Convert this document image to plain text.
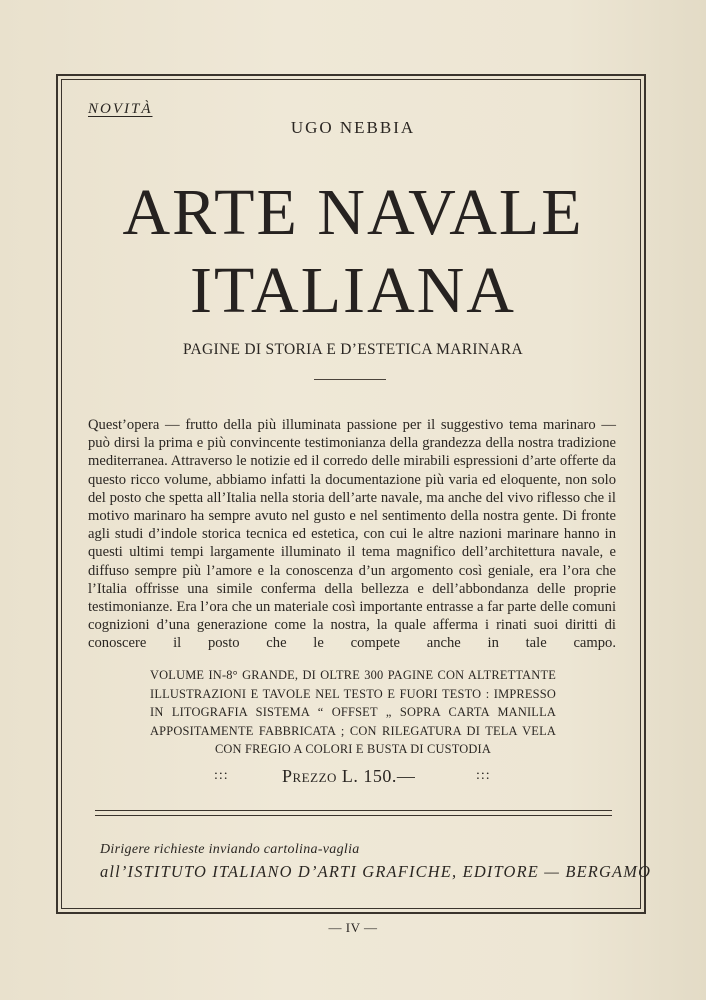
NOVITÀ
UGO NEBBIA
ARTE NAVALE
ITALIANA
PAGINE DI STORIA E D’ESTETICA MARINARA

Quest’opera — frutto della più illuminata passione per il suggestivo tema marinaro — può dirsi la prima e più convincente testimonianza della grandezza della nostra tradizione mediterranea. Attraverso le notizie ed il corredo delle mirabili espressioni d’arte offerte da questo ricco volume, abbiamo infatti la documentazione più varia ed eloquente, non solo del posto che spetta all’Italia nella storia dell’arte navale, ma anche del vivo riflesso che il motivo marinaro ha sempre avuto nel gusto e nel sentimento della nostra gente. Di fronte agli studi d’indole storica tecnica ed estetica, con cui le altre nazioni marinare hanno in questi ultimi tempi largamente illuminato il tema magnifico dell’architettura navale, e diffuso sempre più l’amore e la conoscenza d’un argomento così geniale, era l’ora che l’Italia offrisse una simile conferma della bellezza e dell’abbondanza delle proprie testimonianze. Era l’ora che un materiale così importante entrasse a far parte delle comuni cognizioni d’una generazione come la nostra, la quale afferma i rinati suoi diritti di conoscere il posto che le compete anche in tale campo.

VOLUME IN-8° GRANDE, DI OLTRE 300 PAGINE CON ALTRETTANTE
ILLUSTRAZIONI E TAVOLE NEL TESTO E FUORI TESTO : IMPRESSO
IN LITOGRAFIA SISTEMA “ OFFSET „ SOPRA CARTA MANILLA
APPOSITAMENTE FABBRICATA ; CON RILEGATURA DI TELA VELA
CON FREGIO A COLORI E BUSTA DI CUSTODIA
:::	Prezzo L. 150.—	:::
Dirigere richieste inviando cartolina-vaglia
all’ISTITUTO ITALIANO D’ARTI GRAFICHE, EDITORE — BERGAMO
— IV —
